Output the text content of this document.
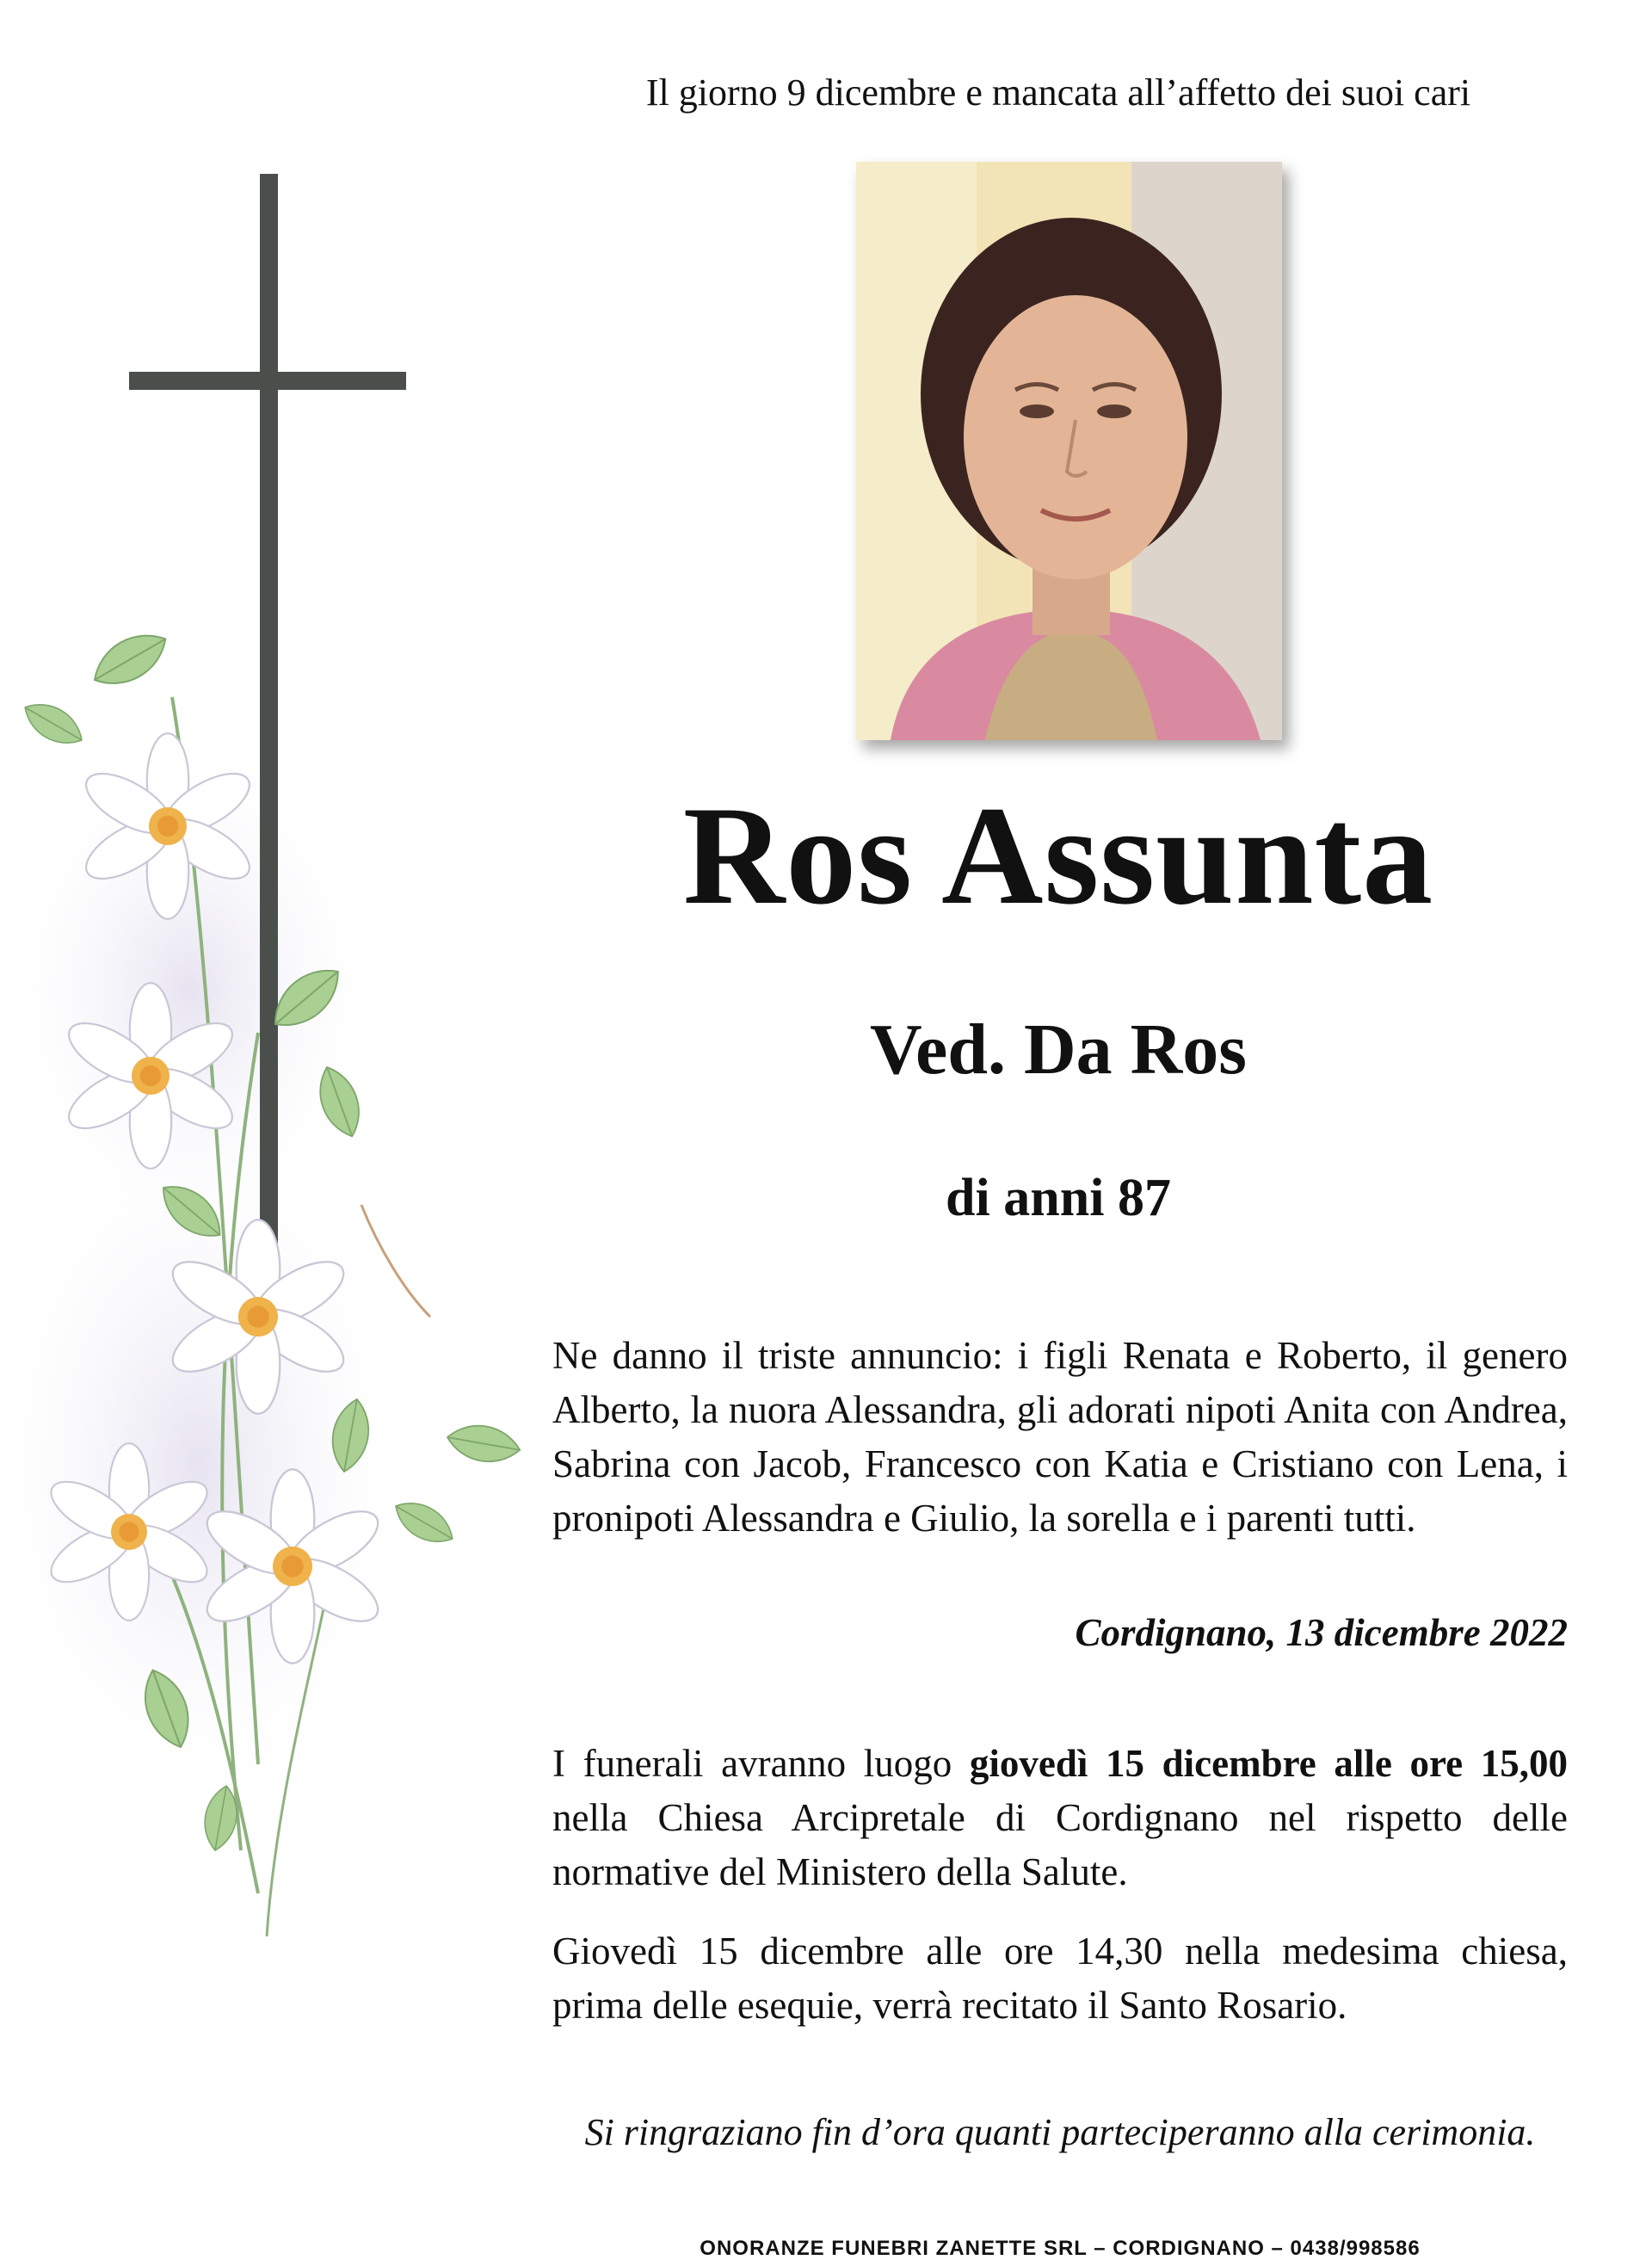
Il giorno 9 dicembre e mancata all’affetto dei suoi cari
Ros Assunta
Ved. Da Ros
di anni 87
Ne danno il triste annuncio: i figli Renata e Roberto, il genero Alberto, la nuora Alessandra, gli adorati nipoti Anita con Andrea, Sabrina con Jacob, Francesco con Katia e Cristiano con Lena, i pronipoti Alessandra e Giulio, la sorella e i parenti tutti.
Cordignano, 13 dicembre 2022
I funerali avranno luogo giovedì 15 dicembre alle ore 15,00 nella Chiesa Arcipretale di Cordignano nel rispetto delle normative del Ministero della Salute.
Giovedì 15 dicembre alle ore 14,30 nella medesima chiesa, prima delle esequie, verrà recitato il Santo Rosario.
Si ringraziano fin d’ora quanti parteciperanno alla cerimonia.
ONORANZE FUNEBRI ZANETTE SRL – CORDIGNANO – 0438/998586
